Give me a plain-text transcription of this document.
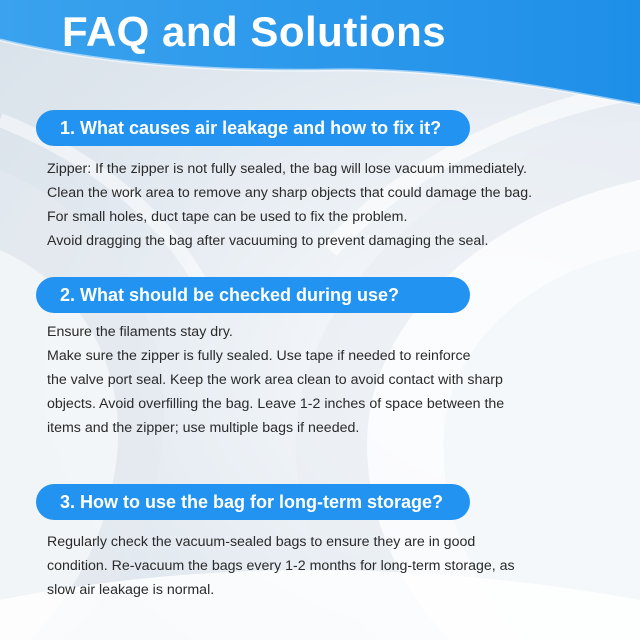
FAQ and Solutions
1. What causes air leakage and how to fix it?
Zipper: If the zipper is not fully sealed, the bag will lose vacuum immediately.
Clean the work area to remove any sharp objects that could damage the bag.
For small holes, duct tape can be used to fix the problem.
Avoid dragging the bag after vacuuming to prevent damaging the seal.
2. What should be checked during use?
Ensure the filaments stay dry.
Make sure the zipper is fully sealed. Use tape if needed to reinforce
the valve port seal. Keep the work area clean to avoid contact with sharp
objects. Avoid overfilling the bag. Leave 1-2 inches of space between the
items and the zipper; use multiple bags if needed.
3. How to use the bag for long-term storage?
Regularly check the vacuum-sealed bags to ensure they are in good
condition. Re-vacuum the bags every 1-2 months for long-term storage, as
slow air leakage is normal.
